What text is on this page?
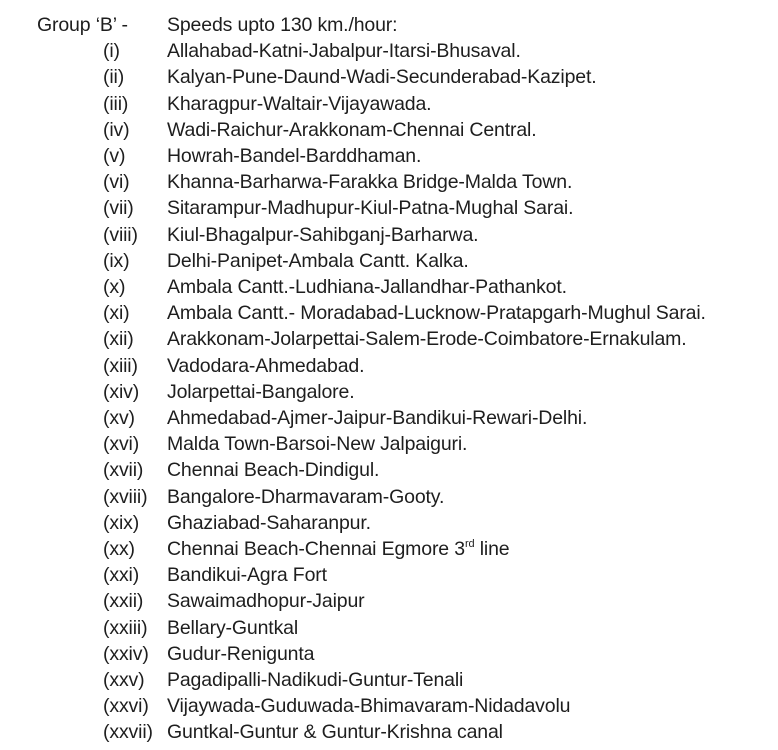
Group ‘B’ - Speeds upto 130 km./hour:
(i) Allahabad-Katni-Jabalpur-Itarsi-Bhusaval.
(ii) Kalyan-Pune-Daund-Wadi-Secunderabad-Kazipet.
(iii) Kharagpur-Waltair-Vijayawada.
(iv) Wadi-Raichur-Arakkonam-Chennai Central.
(v) Howrah-Bandel-Barddhaman.
(vi) Khanna-Barharwa-Farakka Bridge-Malda Town.
(vii) Sitarampur-Madhupur-Kiul-Patna-Mughal Sarai.
(viii) Kiul-Bhagalpur-Sahibganj-Barharwa.
(ix) Delhi-Panipet-Ambala Cantt. Kalka.
(x) Ambala Cantt.-Ludhiana-Jallandhar-Pathankot.
(xi) Ambala Cantt.- Moradabad-Lucknow-Pratapgarh-Mughul Sarai.
(xii) Arakkonam-Jolarpettai-Salem-Erode-Coimbatore-Ernakulam.
(xiii) Vadodara-Ahmedabad.
(xiv) Jolarpettai-Bangalore.
(xv) Ahmedabad-Ajmer-Jaipur-Bandikui-Rewari-Delhi.
(xvi) Malda Town-Barsoi-New Jalpaiguri.
(xvii) Chennai Beach-Dindigul.
(xviii) Bangalore-Dharmavaram-Gooty.
(xix) Ghaziabad-Saharanpur.
(xx) Chennai Beach-Chennai Egmore 3rd line
(xxi) Bandikui-Agra Fort
(xxii) Sawaimadhopur-Jaipur
(xxiii) Bellary-Guntkal
(xxiv) Gudur-Renigunta
(xxv) Pagadipalli-Nadikudi-Guntur-Tenali
(xxvi) Vijaywada-Guduwada-Bhimavaram-Nidadavolu
(xxvii) Guntkal-Guntur & Guntur-Krishna canal
